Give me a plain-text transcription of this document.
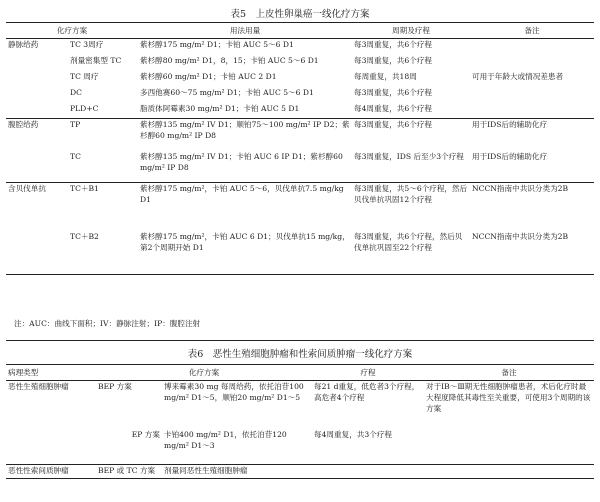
表5　上皮性卵巢癌一线化疗方案
化疗方案		用法用量	周期及疗程	备注
静脉给药	TC 3周疗	紫杉醇175 mg/m² D1；卡铂 AUC 5～6 D1	每3周重复，共6个疗程	
	剂量密集型 TC	紫杉醇80 mg/m² D1，8，15；卡铂 AUC 5～6 D1	每3周重复，共6个疗程	
	TC 周疗	紫杉醇60 mg/m² D1；卡铂 AUC 2 D1	每周重复，共18周	可用于年龄大或情况差患者
	DC	多西他赛60～75 mg/m² D1；卡铂 AUC 5～6 D1	每3周重复，共6个疗程	
	PLD+C	脂质体阿霉素30 mg/m² D1；卡铂 AUC 5 D1	每4周重复，共6个疗程	
腹腔给药	TP	紫杉醇135 mg/m² IV D1；顺铂75～100 mg/m² IP D2；紫杉醇60 mg/m² IP D8	每3周重复，共6个疗程	用于IDS后的辅助化疗
	TC	紫杉醇135 mg/m² IV D1；卡铂 AUC 6 IP D1；紫杉醇60 mg/m² IP D8	每3周重复，IDS 后至少3个疗程	用于IDS后的辅助化疗
含贝伐单抗	TC＋B1	紫杉醇175 mg/m²，卡铂 AUC 5～6，贝伐单抗7.5 mg/kg D1	每3周重复，共5～6个疗程，然后贝伐单抗巩固12个疗程	NCCN指南中共识分类为2B
	TC＋B2	紫杉醇175 mg/m²，卡铂 AUC 6 D1；贝伐单抗15 mg/kg，第2个周期开始 D1	每3周重复，共6个疗程，然后贝伐单抗巩固至22个疗程	NCCN指南中共识分类为2B
注：AUC：曲线下面积；IV：静脉注射；IP：腹腔注射
表6　恶性生殖细胞肿瘤和性索间质肿瘤一线化疗方案
病理类型	化疗方案		疗程	备注
恶性生殖细胞肿瘤	BEP 方案	博来霉素30 mg 每周给药，依托泊苷100 mg/m² D1～5，顺铂20 mg/m² D1～5	每21 d重复，低危者3个疗程，高危者4个疗程	对于ⅠB～Ⅲ期无性细胞肿瘤患者，术后化疗时最大程度降低其毒性至关重要，可使用3个周期的该方案
	EP 方案	卡铂400 mg/m² D1，依托泊苷120 mg/m² D1～3	每4周重复，共3个疗程	
恶性性索间质肿瘤	BEP 或 TC 方案	剂量同恶性生殖细胞肿瘤		
